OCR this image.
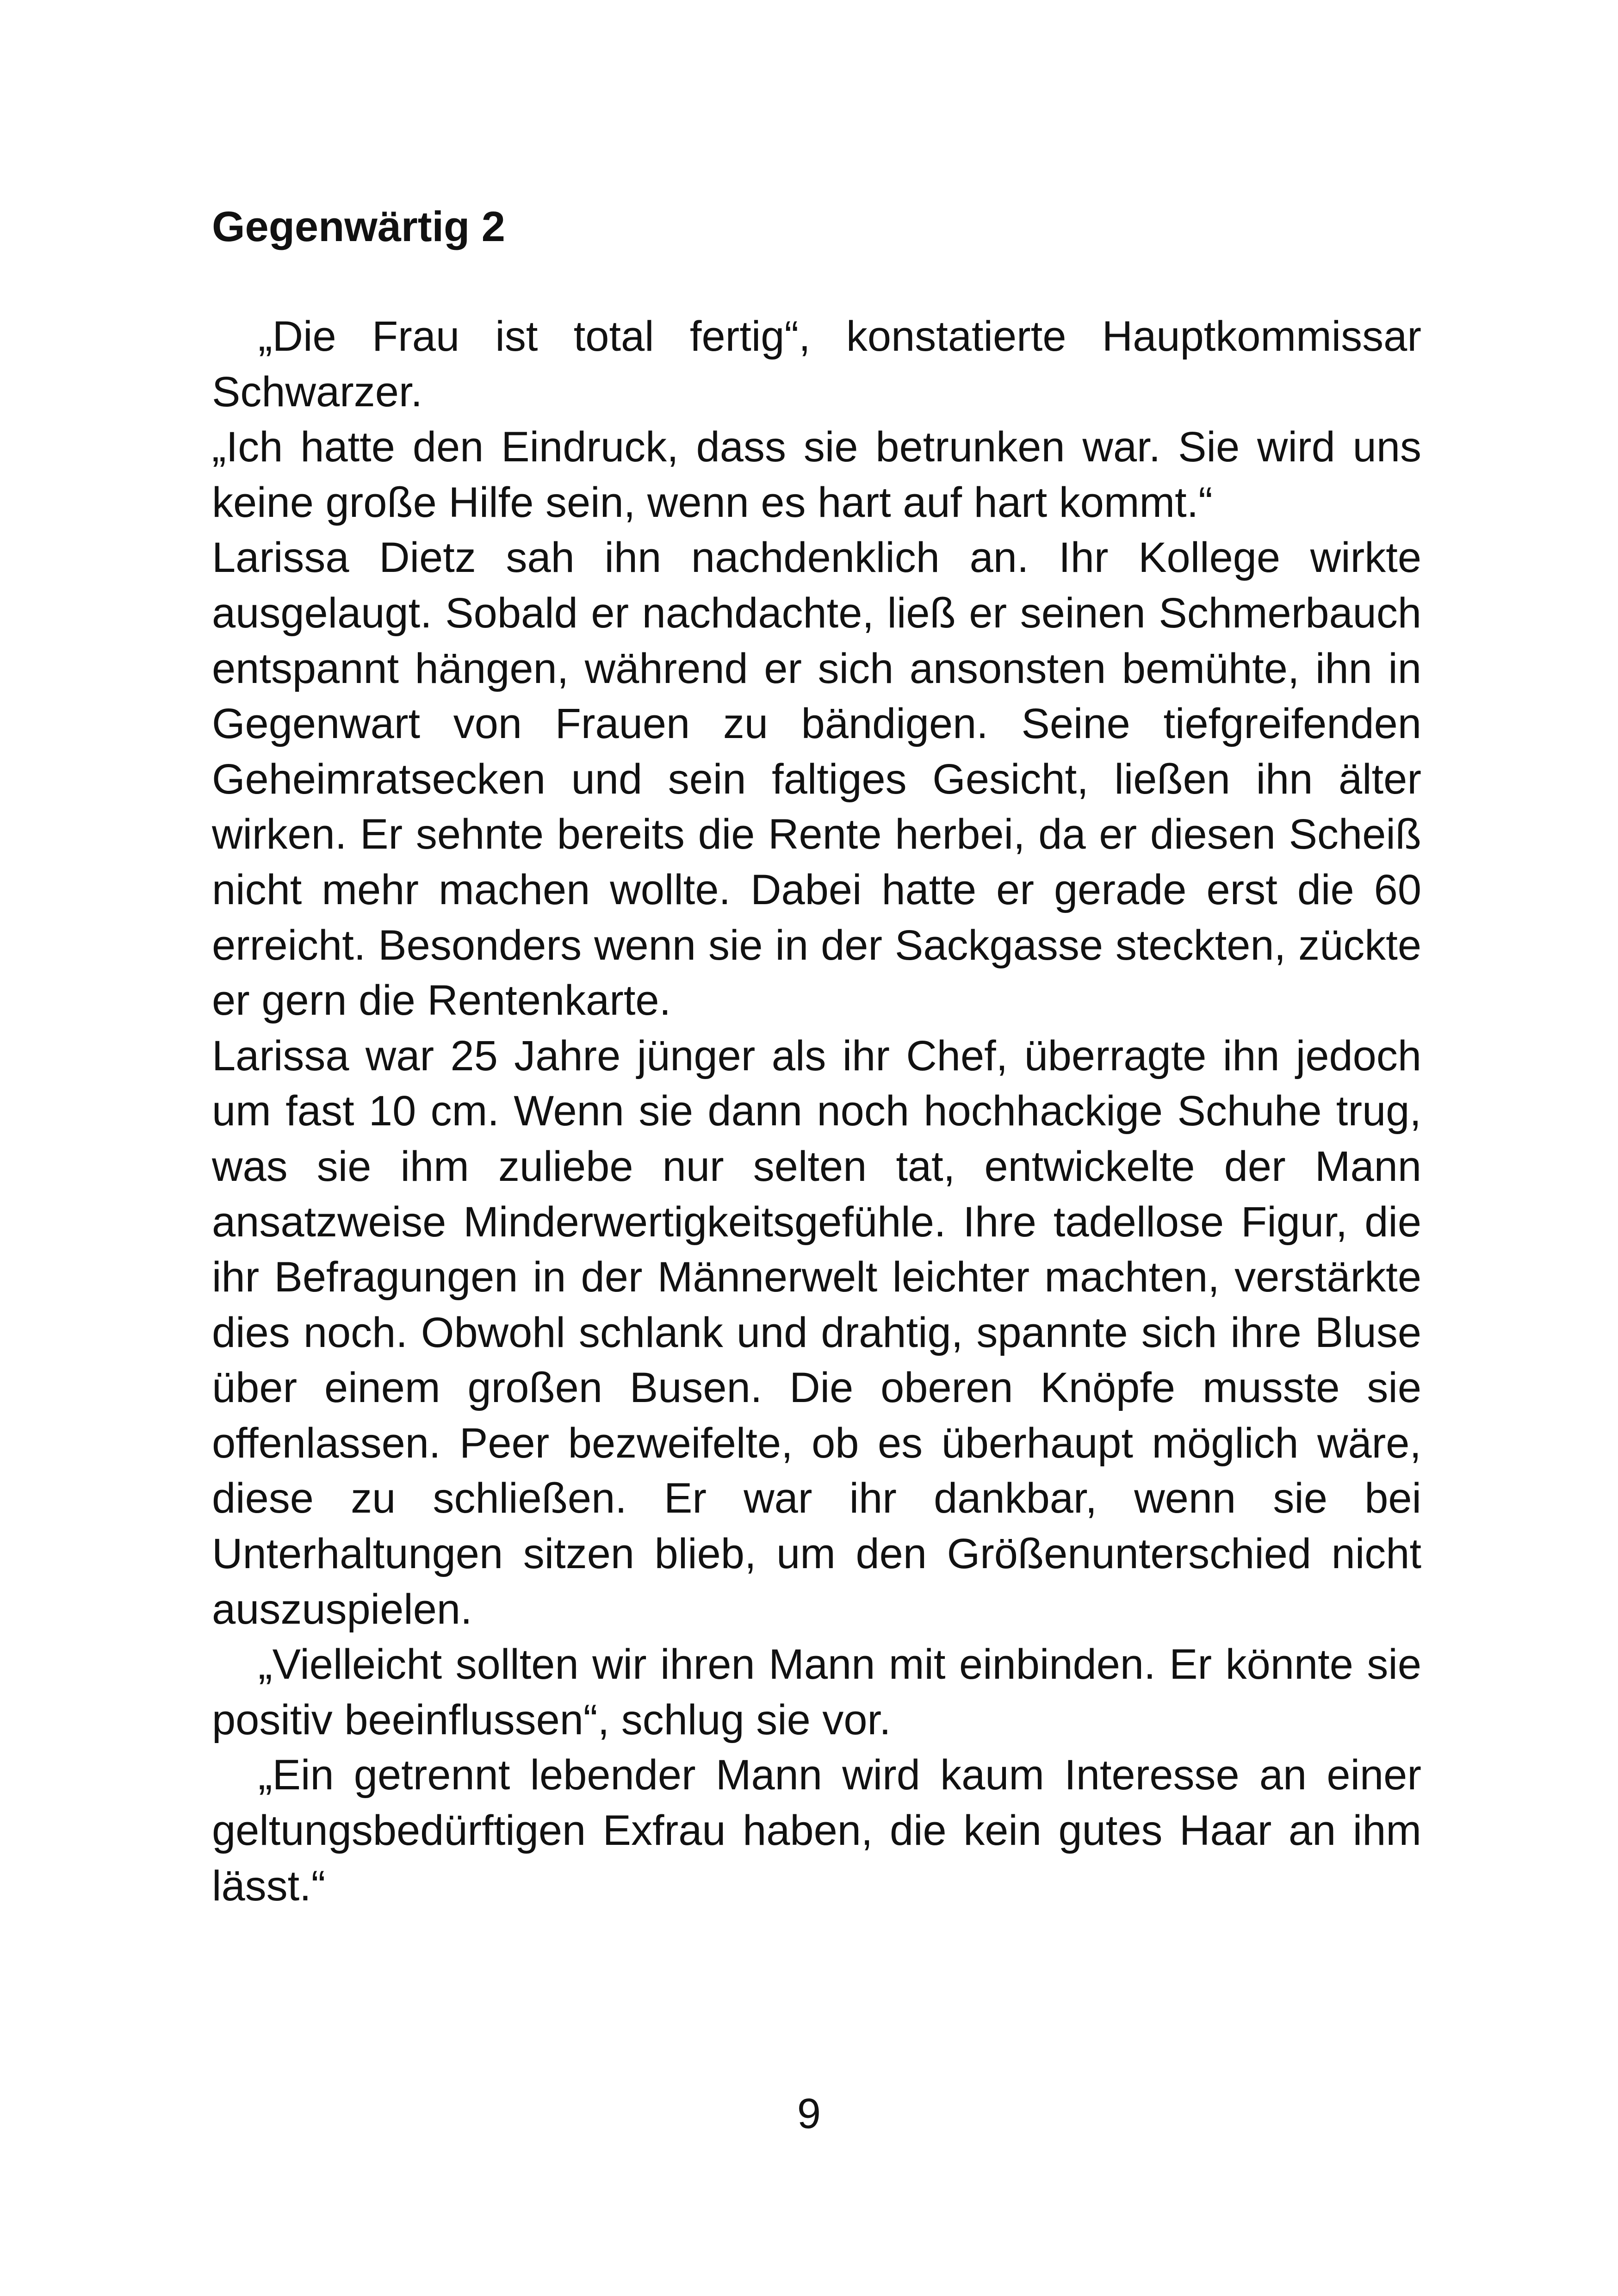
Gegenwärtig 2

„Die Frau ist total fertig“, konstatierte Hauptkommissar Schwarzer.

„Ich hatte den Eindruck, dass sie betrunken war. Sie wird uns keine große Hilfe sein, wenn es hart auf hart kommt.“

Larissa Dietz sah ihn nachdenklich an. Ihr Kollege wirkte ausgelaugt. Sobald er nachdachte, ließ er seinen Schmerbauch entspannt hängen, während er sich ansonsten bemühte, ihn in Gegenwart von Frauen zu bändigen. Seine tiefgreifenden Geheimratsecken und sein faltiges Gesicht, ließen ihn älter wirken. Er sehnte bereits die Rente herbei, da er diesen Scheiß nicht mehr machen wollte. Dabei hatte er gerade erst die 60 erreicht. Besonders wenn sie in der Sackgasse steckten, zückte er gern die Rentenkarte.

Larissa war 25 Jahre jünger als ihr Chef, überragte ihn jedoch um fast 10 cm. Wenn sie dann noch hochhackige Schuhe trug, was sie ihm zuliebe nur selten tat, entwickelte der Mann ansatzweise Minderwertigkeitsgefühle. Ihre tadellose Figur, die ihr Befragungen in der Männerwelt leichter machten, verstärkte dies noch. Obwohl schlank und drahtig, spannte sich ihre Bluse über einem großen Busen. Die oberen Knöpfe musste sie offenlassen. Peer bezweifelte, ob es überhaupt möglich wäre, diese zu schließen. Er war ihr dankbar, wenn sie bei Unterhaltungen sitzen blieb, um den Größenunterschied nicht auszuspielen.

„Vielleicht sollten wir ihren Mann mit einbinden. Er könnte sie positiv beeinflussen“, schlug sie vor.

„Ein getrennt lebender Mann wird kaum Interesse an einer geltungsbedürftigen Exfrau haben, die kein gutes Haar an ihm lässt.“

9
